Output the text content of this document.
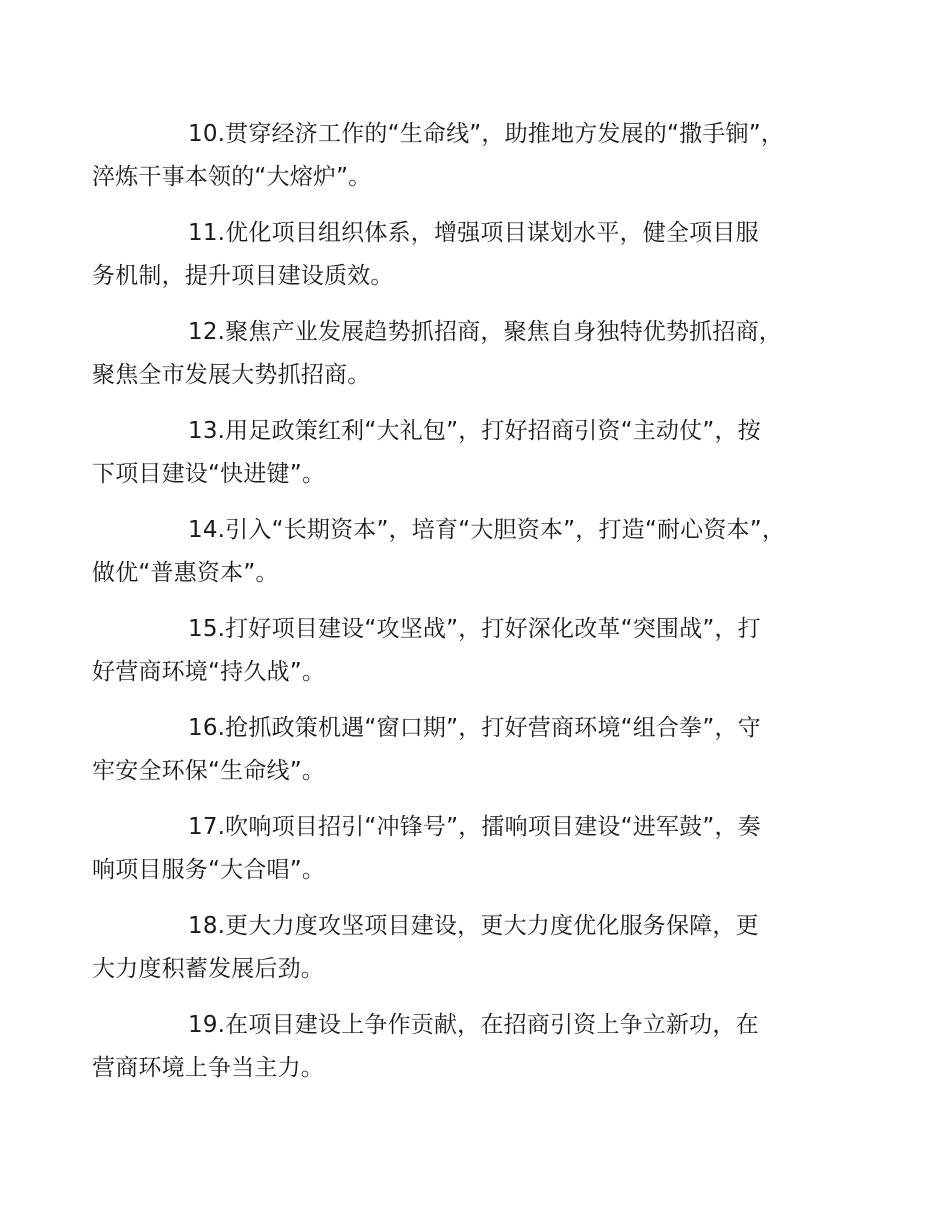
10.贯穿经济工作的“生命线”，助推地方发展的“撒手锏”，
淬炼干事本领的“大熔炉”。

11.优化项目组织体系，增强项目谋划水平，健全项目服
务机制，提升项目建设质效。

12.聚焦产业发展趋势抓招商，聚焦自身独特优势抓招商，
聚焦全市发展大势抓招商。

13.用足政策红利“大礼包”，打好招商引资“主动仗”，按
下项目建设“快进键”。

14.引入“长期资本”，培育“大胆资本”，打造“耐心资本”，
做优“普惠资本”。

15.打好项目建设“攻坚战”，打好深化改革“突围战”，打
好营商环境“持久战”。

16.抢抓政策机遇“窗口期”，打好营商环境“组合拳”，守
牢安全环保“生命线”。

17.吹响项目招引“冲锋号”，擂响项目建设“进军鼓”，奏
响项目服务“大合唱”。

18.更大力度攻坚项目建设，更大力度优化服务保障，更
大力度积蓄发展后劲。

19.在项目建设上争作贡献，在招商引资上争立新功，在
营商环境上争当主力。
